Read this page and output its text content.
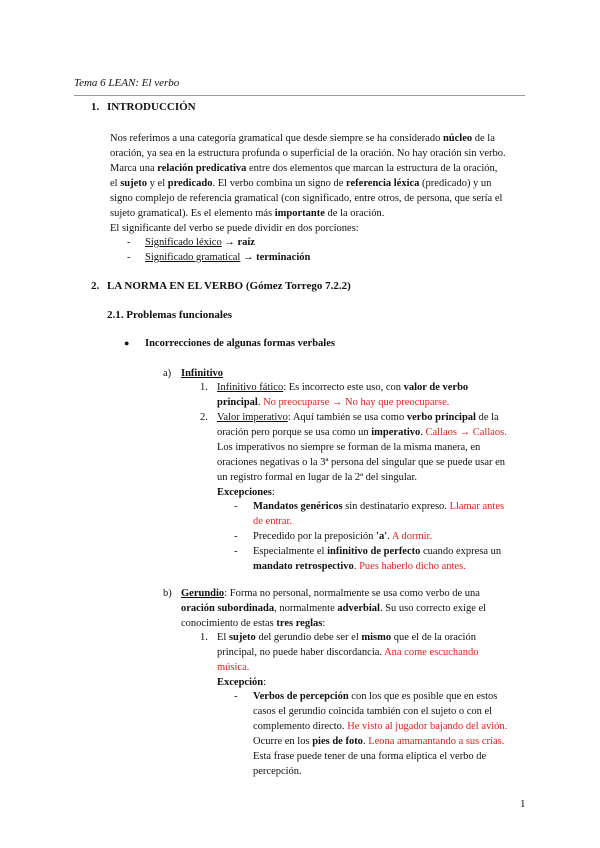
Tema 6 LEAN: El verbo
1. INTRODUCCIÓN
Nos referimos a una categoría gramatical que desde siempre se ha considerado núcleo de la
oración, ya sea en la estructura profunda o superficial de la oración. No hay oración sin verbo.
Marca una relación predicativa entre dos elementos que marcan la estructura de la oración,
el sujeto y el predicado. El verbo combina un signo de referencia léxica (predicado) y un
signo complejo de referencia gramatical (con significado, entre otros, de persona, que sería el
sujeto gramatical). Es el elemento más importante de la oración.
El significante del verbo se puede dividir en dos porciones:
- Significado léxico → raíz
- Significado gramatical → terminación
2. LA NORMA EN EL VERBO (Gómez Torrego 7.2.2)
2.1. Problemas funcionales
● Incorrecciones de algunas formas verbales
a) Infinitivo
1. Infinitivo fático: Es incorrecto este uso, con valor de verbo
principal. No preocuparse → No hay que preocuparse.
2. Valor imperativo: Aquí también se usa como verbo principal de la
oración pero porque se usa como un imperativo. Callaos → Callaos.
Los imperativos no siempre se forman de la misma manera, en
oraciones negativas o la 3ª persona del singular que se puede usar en
un registro formal en lugar de la 2ª del singular.
Excepciones:
- Mandatos genéricos sin destinatario expreso. Llamar antes
de entrar.
- Precedido por la preposición 'a'. A dormir.
- Especialmente el infinitivo de perfecto cuando expresa un
mandato retrospectivo. Pues haberlo dicho antes.
b) Gerundio: Forma no personal, normalmente se usa como verbo de una
oración subordinada, normalmente adverbial. Su uso correcto exige el
conocimiento de estas tres reglas:
1. El sujeto del gerundio debe ser el mismo que el de la oración
principal, no puede haber discordancia. Ana come escuchando
música.
Excepción:
- Verbos de percepción con los que es posible que en estos
casos el gerundio coincida también con el sujeto o con el
complemento directo. He visto al jugador bajando del avión.
Ocurre en los pies de foto. Leona amamantando a sus crías.
Esta frase puede tener de una forma elíptica el verbo de
percepción.
1
